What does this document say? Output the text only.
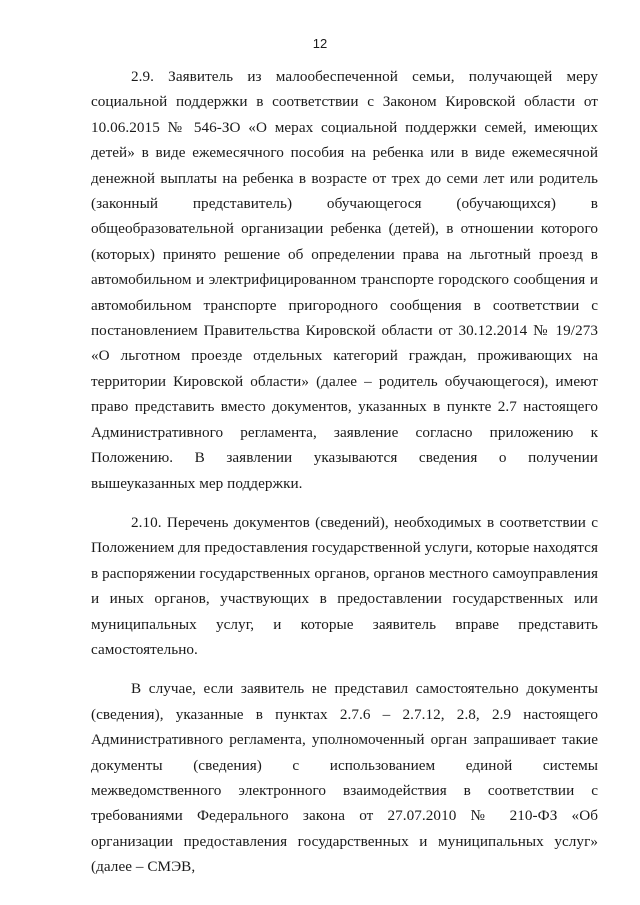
12

2.9. Заявитель из малообеспеченной семьи, получающей меру социальной поддержки в соответствии с Законом Кировской области от 10.06.2015 № 546-ЗО «О мерах социальной поддержки семей, имеющих детей» в виде ежемесячного пособия на ребенка или в виде ежемесячной денежной выплаты на ребенка в возрасте от трех до семи лет или родитель (законный представитель) обучающегося (обучающихся) в общеобразовательной организации ребенка (детей), в отношении которого (которых) принято решение об определении права на льготный проезд в автомобильном и электрифицированном транспорте городского сообщения и автомобильном транспорте пригородного сообщения в соответствии с постановлением Правительства Кировской области от 30.12.2014 № 19/273 «О льготном проезде отдельных категорий граждан, проживающих на территории Кировской области» (далее – родитель обучающегося), имеют право представить вместо документов, указанных в пункте 2.7 настоящего Административного регламента, заявление согласно приложению к Положению. В заявлении указываются сведения о получении вышеуказанных мер поддержки.

2.10. Перечень документов (сведений), необходимых в соответствии с Положением для предоставления государственной услуги, которые находятся в распоряжении государственных органов, органов местного самоуправления и иных органов, участвующих в предоставлении государственных или муниципальных услуг, и которые заявитель вправе представить самостоятельно.

В случае, если заявитель не представил самостоятельно документы (сведения), указанные в пунктах 2.7.6 – 2.7.12, 2.8, 2.9 настоящего Административного регламента, уполномоченный орган запрашивает такие документы (сведения) с использованием единой системы межведомственного электронного взаимодействия в соответствии с требованиями Федерального закона от 27.07.2010 № 210-ФЗ «Об организации предоставления государственных и муниципальных услуг» (далее – СМЭВ,
